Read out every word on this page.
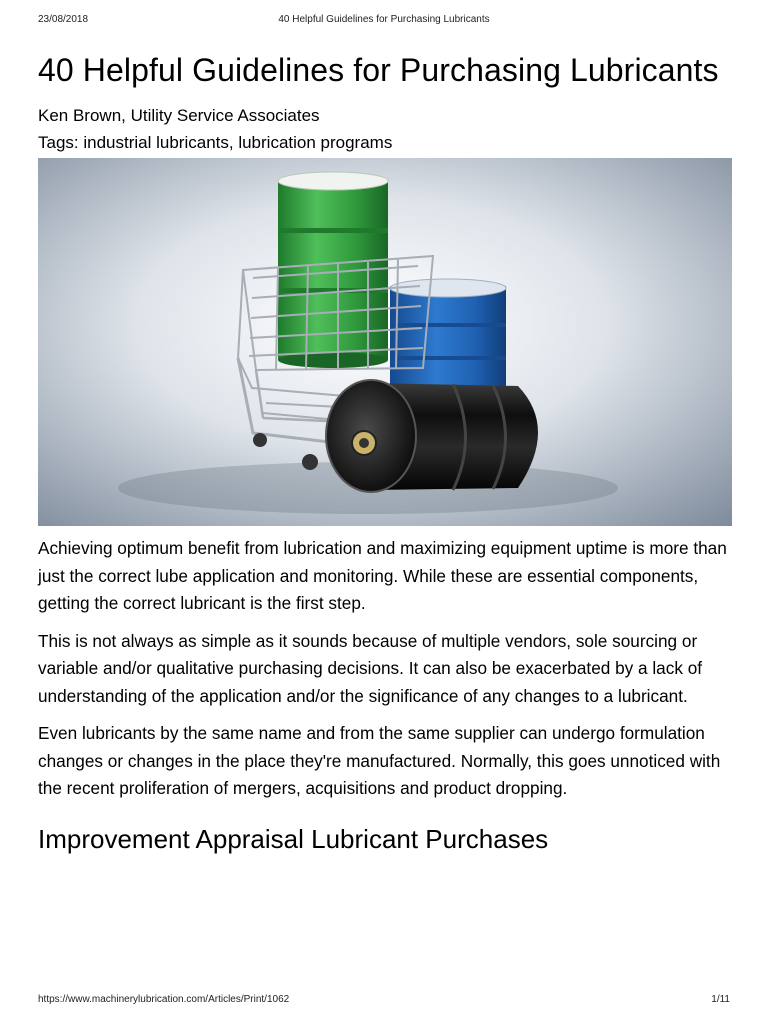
23/08/2018	40 Helpful Guidelines for Purchasing Lubricants
40 Helpful Guidelines for Purchasing Lubricants

Ken Brown, Utility Service Associates

Tags: industrial lubricants, lubrication programs

Achieving optimum benefit from lubrication and maximizing equipment uptime is more than just the correct lube application and monitoring. While these are essential components, getting the correct lubricant is the first step.

This is not always as simple as it sounds because of multiple vendors, sole sourcing or variable and/or qualitative purchasing decisions. It can also be exacerbated by a lack of understanding of the application and/or the significance of any changes to a lubricant.

Even lubricants by the same name and from the same supplier can undergo formulation changes or changes in the place they're manufactured. Normally, this goes unnoticed with the recent proliferation of mergers, acquisitions and product dropping.

Improvement Appraisal Lubricant Purchases
https://www.machinerylubrication.com/Articles/Print/1062	1/11
